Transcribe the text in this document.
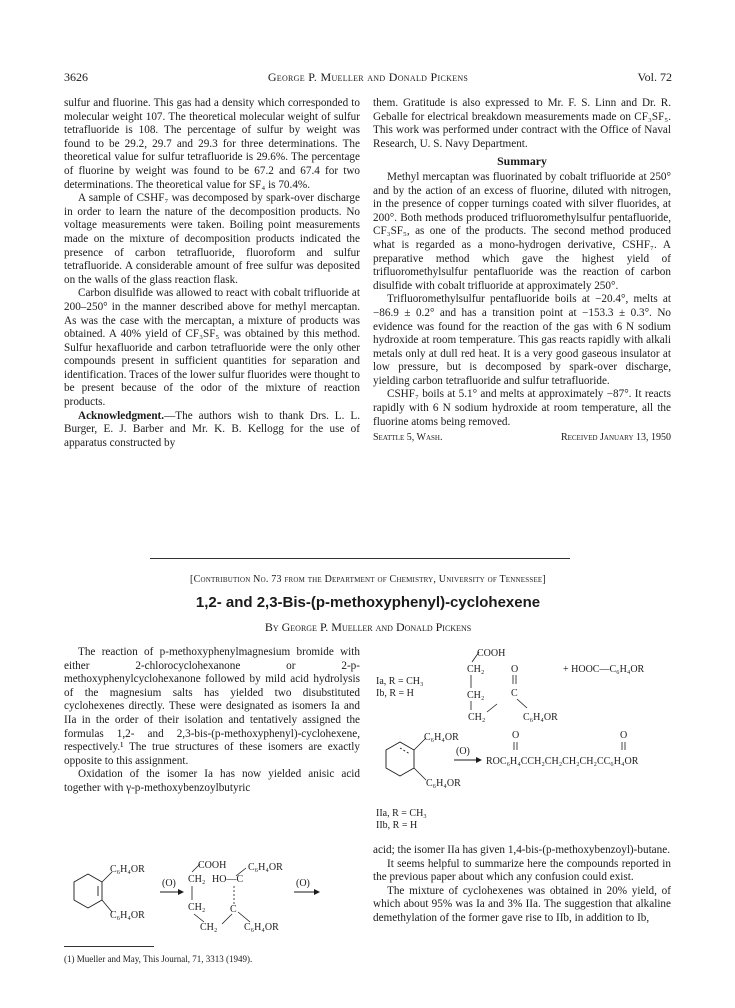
3626	George P. Mueller and Donald Pickens	Vol. 72

sulfur and fluorine. This gas had a density which corresponded to molecular weight 107. The theoretical molecular weight of sulfur tetrafluoride is 108. The percentage of sulfur by weight was found to be 29.2, 29.7 and 29.3 for three determinations. The theoretical value for sulfur tetrafluoride is 29.6%. The percentage of fluorine by weight was found to be 67.2 and 67.4 for two determinations. The theoretical value for SF₄ is 70.4%.

A sample of CSHF₇ was decomposed by spark-over discharge in order to learn the nature of the decomposition products. No voltage measurements were taken. Boiling point measurements made on the mixture of decomposition products indicated the presence of carbon tetrafluoride, fluoroform and sulfur tetrafluoride. A considerable amount of free sulfur was deposited on the walls of the glass reaction flask.

Carbon disulfide was allowed to react with cobalt trifluoride at 200–250° in the manner described above for methyl mercaptan. As was the case with the mercaptan, a mixture of products was obtained. A 40% yield of CF₃SF₅ was obtained by this method. Sulfur hexafluoride and carbon tetrafluoride were the only other compounds present in sufficient quantities for separation and identification. Traces of the lower sulfur fluorides were thought to be present because of the odor of the mixture of reaction products.

Acknowledgment.—The authors wish to thank Drs. L. L. Burger, E. J. Barber and Mr. K. B. Kellogg for the use of apparatus constructed by

them. Gratitude is also expressed to Mr. F. S. Linn and Dr. R. Geballe for electrical breakdown measurements made on CF₃SF₅. This work was performed under contract with the Office of Naval Research, U. S. Navy Department.

Summary

Methyl mercaptan was fluorinated by cobalt trifluoride at 250° and by the action of an excess of fluorine, diluted with nitrogen, in the presence of copper turnings coated with silver fluorides, at 200°. Both methods produced trifluoromethylsulfur pentafluoride, CF₃SF₅, as one of the products. The second method produced what is regarded as a mono-hydrogen derivative, CSHF₇. A preparative method which gave the highest yield of trifluoromethylsulfur pentafluoride was the reaction of carbon disulfide with cobalt trifluoride at approximately 250°.

Trifluoromethylsulfur pentafluoride boils at −20.4°, melts at −86.9 ± 0.2° and has a transition point at −153.3 ± 0.3°. No evidence was found for the reaction of the gas with 6 N sodium hydroxide at room temperature. This gas reacts rapidly with alkali metals only at dull red heat. It is a very good gaseous insulator at low pressure, but is decomposed by spark-over discharge, yielding carbon tetrafluoride and sulfur tetrafluoride.

CSHF₇ boils at 5.1° and melts at approximately −87°. It reacts rapidly with 6 N sodium hydroxide at room temperature, all the fluorine atoms being removed.

Seattle 5, Wash.	Received January 13, 1950
[Contribution No. 73 from the Department of Chemistry, University of Tennessee]
1,2- and 2,3-Bis-(p-methoxyphenyl)-cyclohexene
By George P. Mueller and Donald Pickens

The reaction of p-methoxyphenylmagnesium bromide with either 2-chlorocyclohexanone or 2-p-methoxyphenylcyclohexanone followed by mild acid hydrolysis of the magnesium salts has yielded two disubstituted cyclohexenes directly. These were designated as isomers Ia and IIa in the order of their isolation and tentatively assigned the formulas 1,2- and 2,3-bis-(p-methoxyphenyl)-cyclohexene, respectively.¹ The true structures of these isomers are exactly opposite to this assignment.

Oxidation of the isomer Ia has now yielded anisic acid together with γ-p-methoxybenzoylbutyric

Ia, R = CH₃
Ib, R = H
COOH
CH₂
CH₂
CH₂
O
C
C₆H₄OR
+ HOOC—C₆H₄OR
C₆H₄OR
C₆H₄OR
(O)
O	O
ROC₆H₄CCH₂CH₂CH₂CH₂CC₆H₄OR
IIa, R = CH₃
IIb, R = H
C₆H₄OR
C₆H₄OR
(O)
COOH
CH₂ HO—C
C₆H₄OR
CH₂
CH₂
C
C₆H₄OR
(O)

acid; the isomer IIa has given 1,4-bis-(p-methoxybenzoyl)-butane.

It seems helpful to summarize here the compounds reported in the previous paper about which any confusion could exist.

The mixture of cyclohexenes was obtained in 20% yield, of which about 95% was Ia and 3% IIa. The suggestion that alkaline demethylation of the former gave rise to IIb, in addition to Ib,

(1) Mueller and May, This Journal, 71, 3313 (1949).
